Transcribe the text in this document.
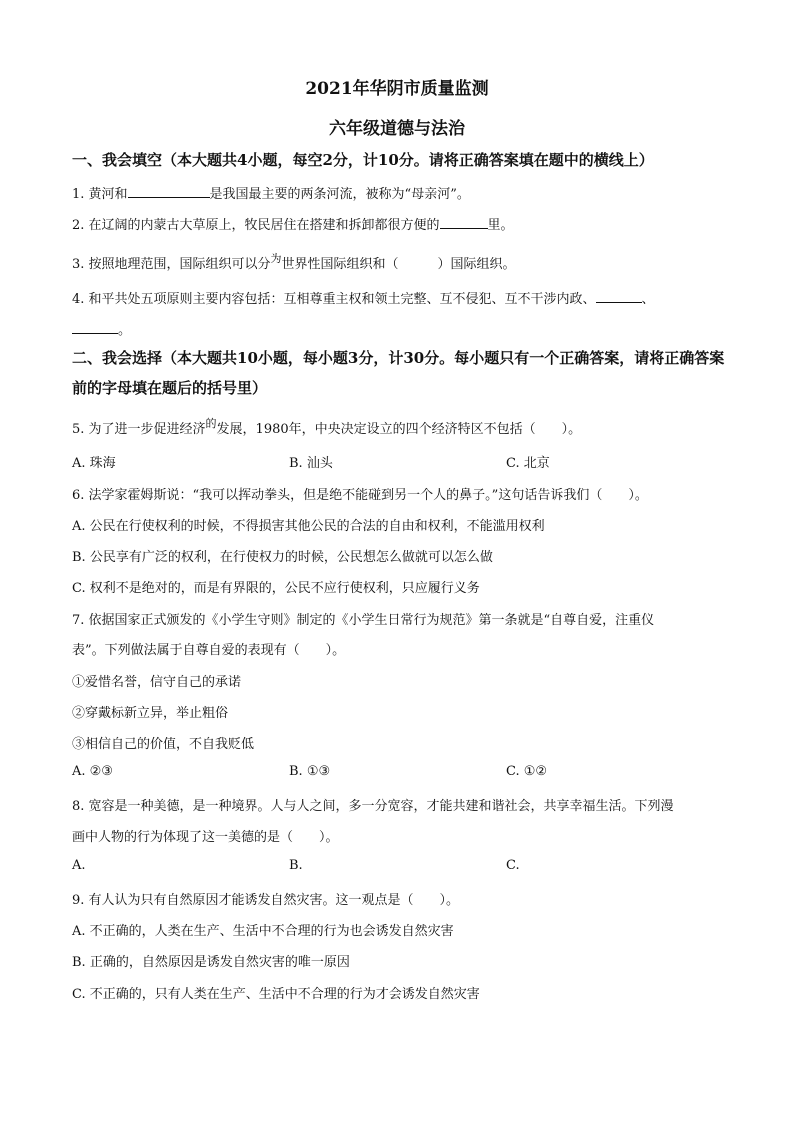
2021年华阴市质量监测
六年级道德与法治
一、我会填空（本大题共4小题，每空2分，计10分。请将正确答案填在题中的横线上）
1. 黄河和	是我国最主要的两条河流，被称为“母亲河”。
2. 在辽阔的内蒙古大草原上，牧民居住在搭建和拆卸都很方便的	里。
3. 按照地理范围，国际组织可以分$^为$世界性国际组织和（　　　）国际组织。
4. 和平共处五项原则主要内容包括：互相尊重主权和领土完整、互不侵犯、互不干涉内政、	、
。
二、我会选择（本大题共10小题，每小题3分，计30分。每小题只有一个正确答案，请将正确答案前的字母填在题后的括号里）
5. 为了进一步促进经济$^的$发展，1980年，中央决定设立的四个经济特区不包括（　　）。
A. 珠海	B. 汕头	C. 北京
6. 法学家霍姆斯说：“我可以挥动拳头，但是绝不能碰到另一个人的鼻子。”这句话告诉我们（　　）。
A. 公民在行使权利的时候，不得损害其他公民的合法的自由和权利，不能滥用权利
B. 公民享有广泛的权利，在行使权力的时候，公民想怎么做就可以怎么做
C. 权利不是绝对的，而是有界限的，公民不应行使权利，只应履行义务
7. 依据国家正式颁发的《小学生守则》制定的《小学生日常行为规范》第一条就是“自尊自爱，注重仪
表”。下列做法属于自尊自爱的表现有（　　）。
①爱惜名誉，信守自己的承诺
②穿戴标新立异，举止粗俗
③相信自己的价值，不自我贬低
A. ②③	B. ①③	C. ①②
8. 宽容是一种美德，是一种境界。人与人之间，多一分宽容，才能共建和谐社会，共享幸福生活。下列漫
画中人物的行为体现了这一美德的是（　　）。
A.	B.	C.
9. 有人认为只有自然原因才能诱发自然灾害。这一观点是（　　）。
A. 不正确的，人类在生产、生活中不合理的行为也会诱发自然灾害
B. 正确的，自然原因是诱发自然灾害的唯一原因
C. 不正确的，只有人类在生产、生活中不合理的行为才会诱发自然灾害
